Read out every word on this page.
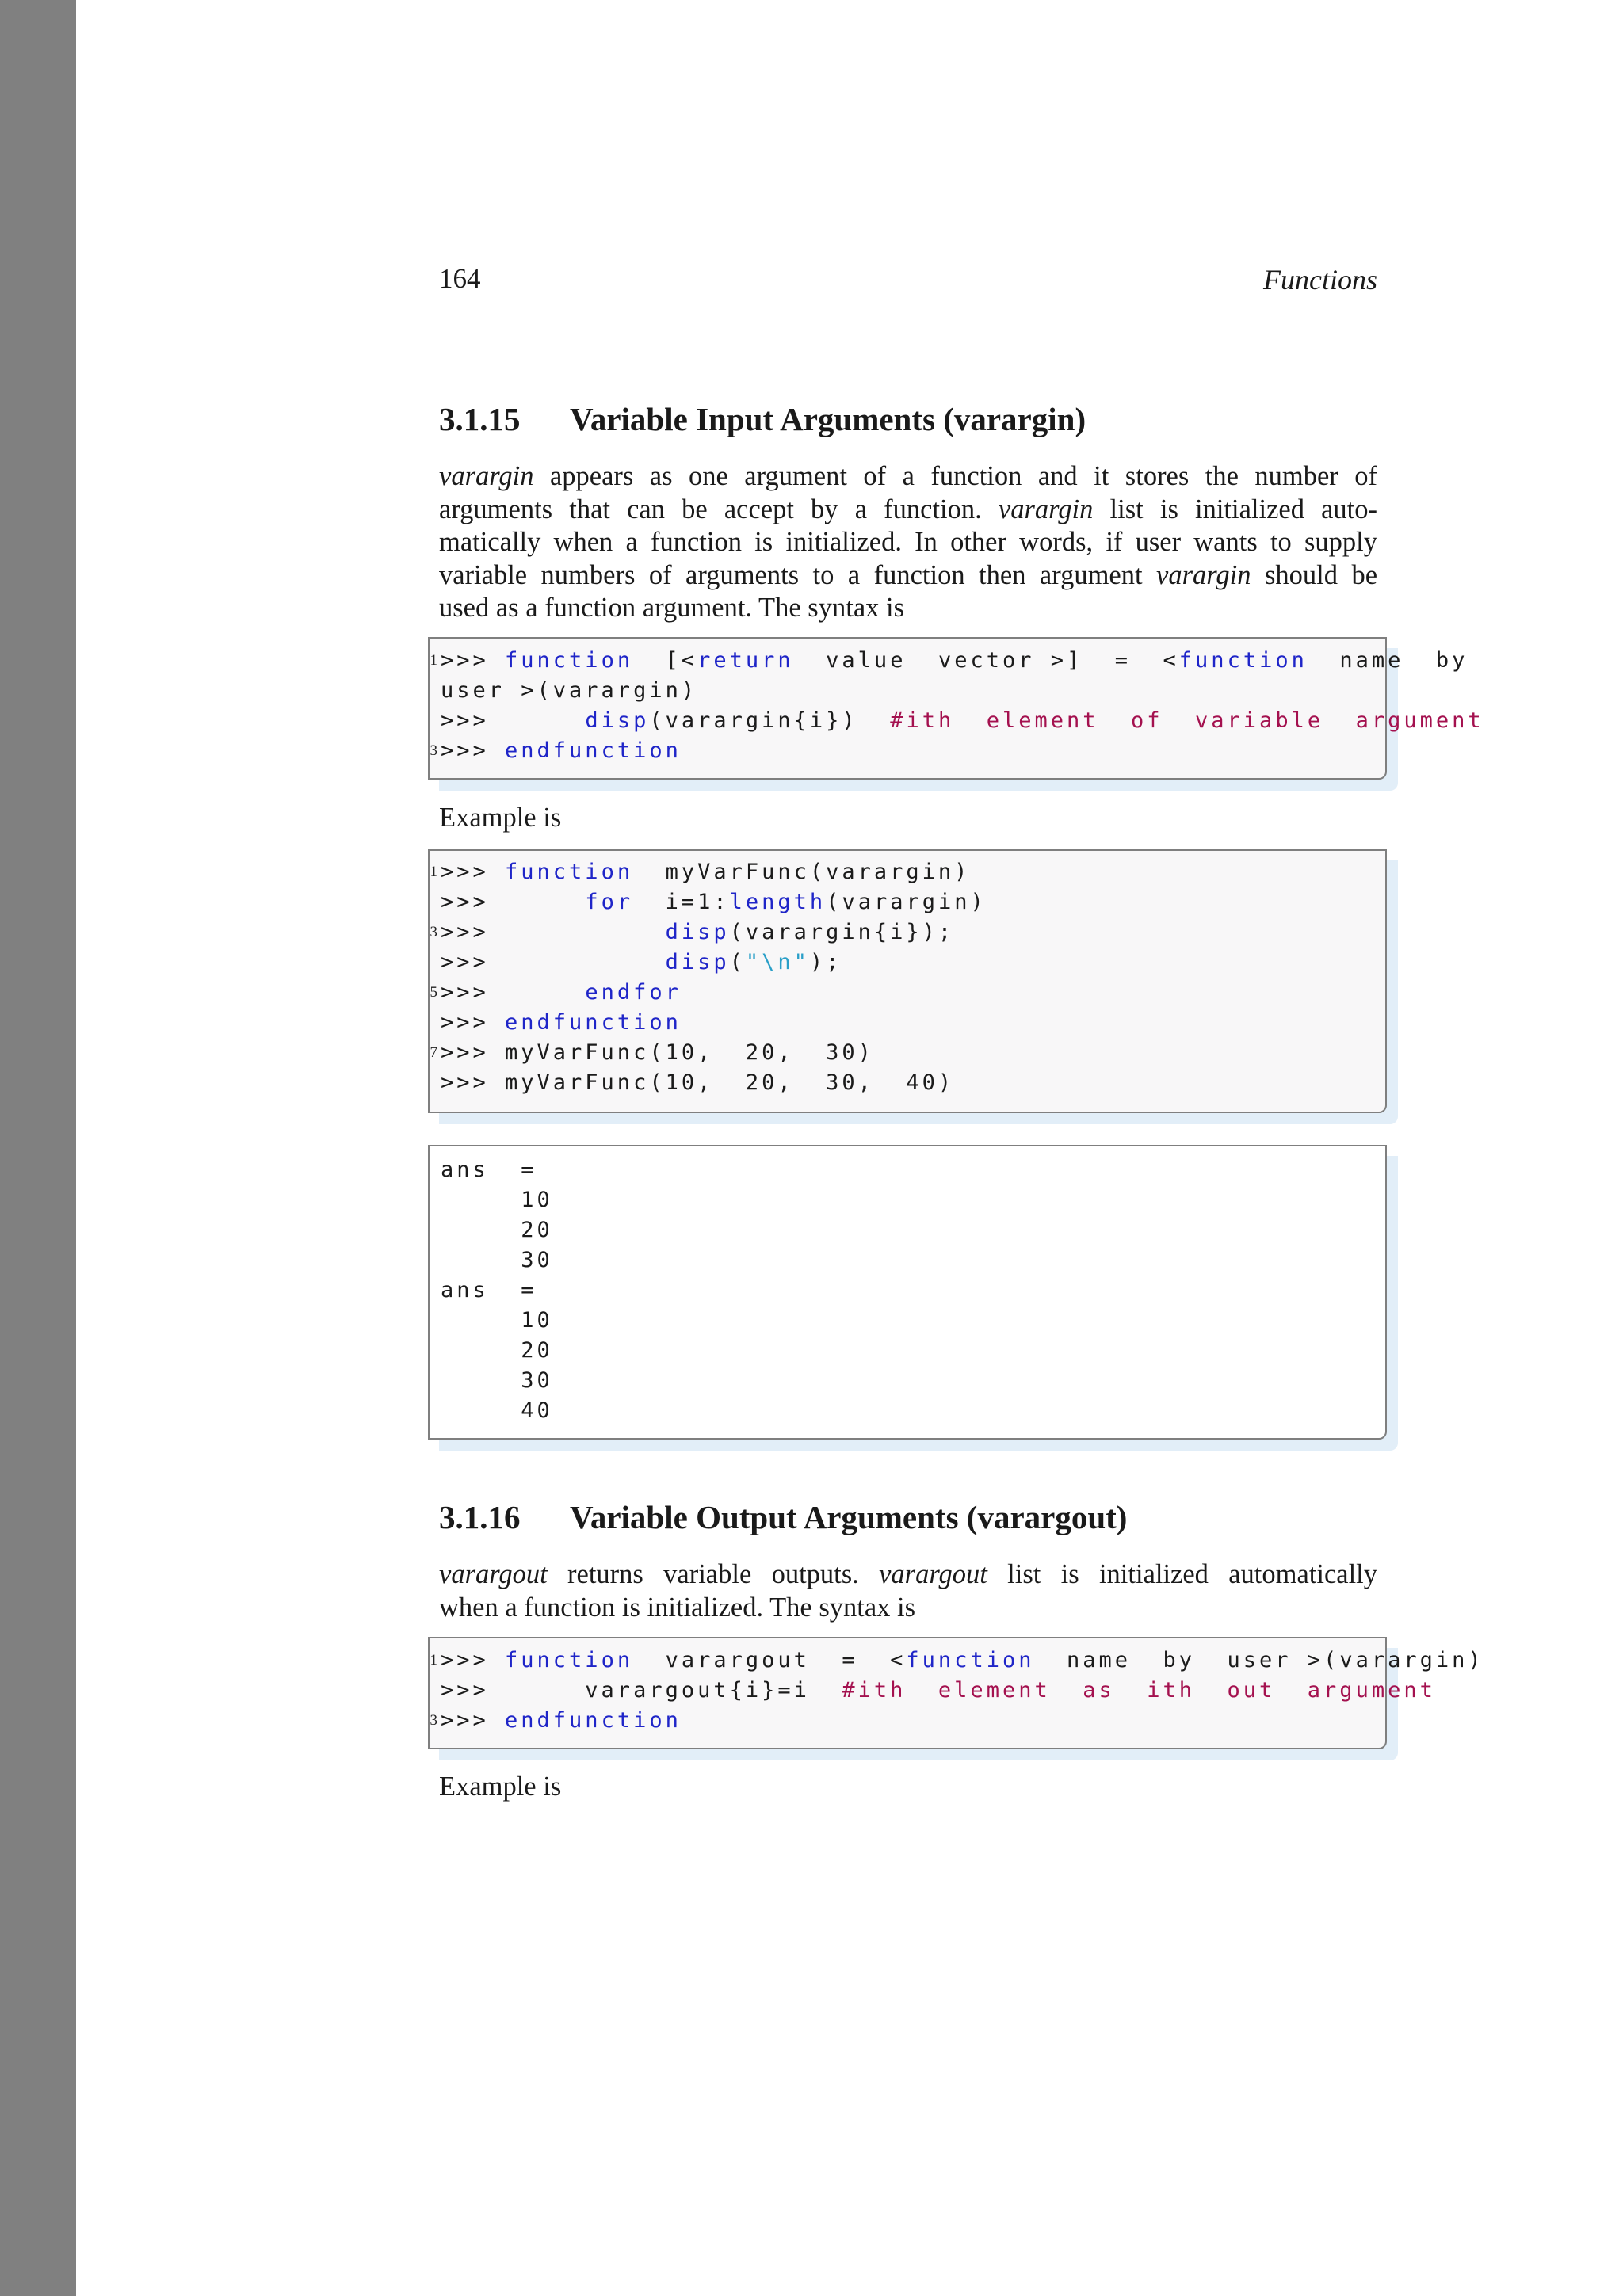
164	Functions
3.1.15 Variable Input Arguments (varargin)
varargin appears as one argument of a function and it stores the number of
arguments that can be accept by a function. varargin list is initialized auto-
matically when a function is initialized. In other words, if user wants to supply
variable numbers of arguments to a function then argument varargin should be
used as a function argument. The syntax is
1 >>> function  [<return  value  vector >]  =  <function  name  by
user >(varargin)
>>>      disp(varargin{i})  #ith  element  of  variable  argument
3 >>> endfunction
Example is
1 >>> function  myVarFunc(varargin)
>>>      for  i=1:length(varargin)
3 >>>           disp(varargin{i});
>>>           disp("\n");
5 >>>      endfor
>>> endfunction
7 >>> myVarFunc(10,  20,  30)
>>> myVarFunc(10,  20,  30,  40)
ans  =
10
20
30
ans  =
10
20
30
40
3.1.16 Variable Output Arguments (varargout)
varargout returns variable outputs. varargout list is initialized automatically
when a function is initialized. The syntax is
1 >>> function  varargout  =  <function  name  by  user >(varargin)
>>>      varargout{i}=i  #ith  element  as  ith  out  argument
3 >>> endfunction
Example is
